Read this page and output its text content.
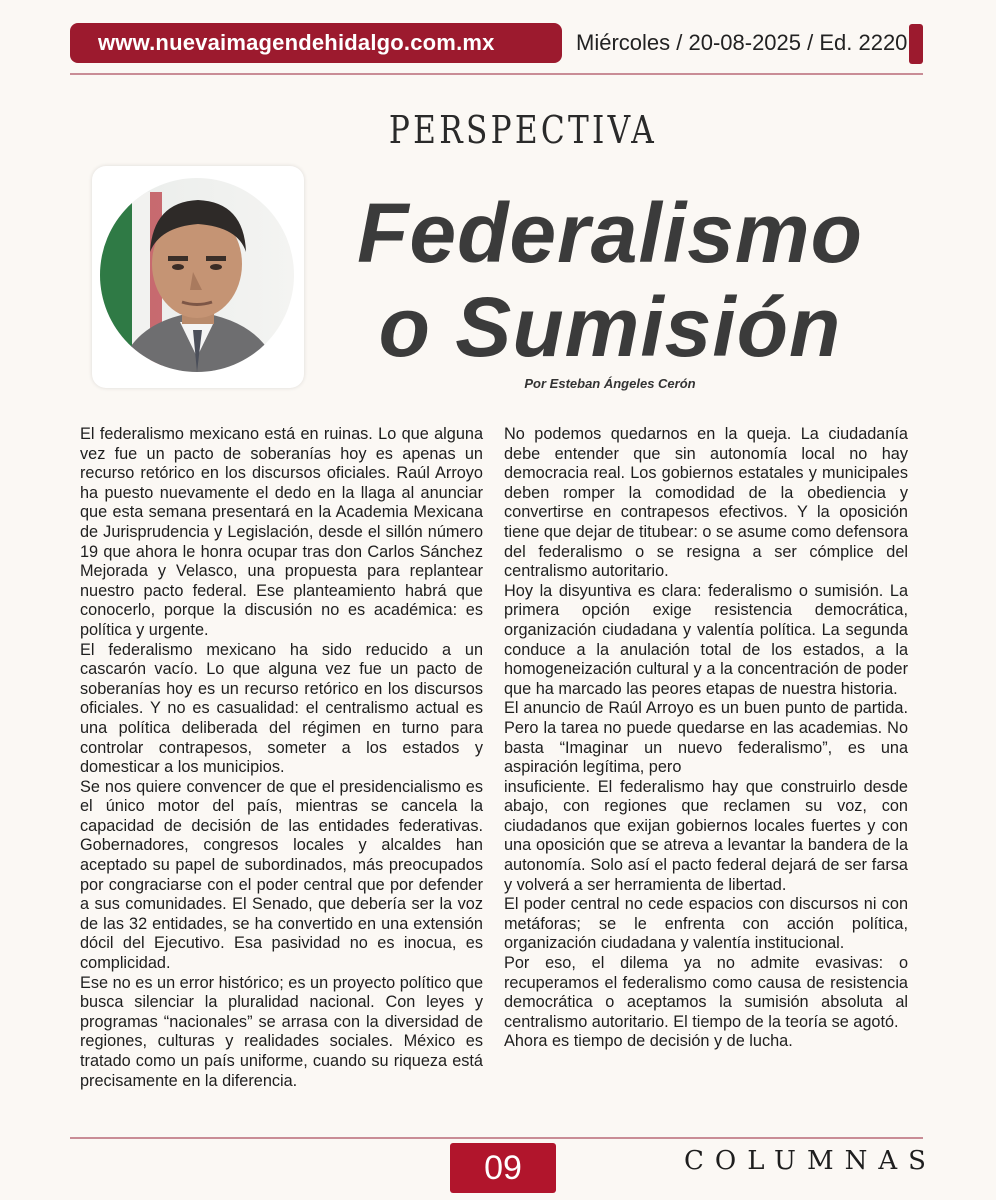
www.nuevaimagendehidalgo.com.mx	Miércoles / 20-08-2025 / Ed. 2220
PERSPECTIVA
Federalismo
o Sumisión
Por Esteban Ángeles Cerón

El federalismo mexicano está en ruinas. Lo que alguna vez fue un pacto de soberanías hoy es apenas un recurso retórico en los discursos oficiales. Raúl Arroyo ha puesto nuevamente el dedo en la llaga al anunciar que esta semana presentará en la Academia Mexicana de Jurisprudencia y Legislación, desde el sillón número 19 que ahora le honra ocupar tras don Carlos Sánchez Mejorada y Velasco, una propuesta para replantear nuestro pacto federal. Ese planteamiento habrá que conocerlo, porque la discusión no es académica: es política y urgente.

El federalismo mexicano ha sido reducido a un cascarón vacío. Lo que alguna vez fue un pacto de soberanías hoy es un recurso retórico en los discursos oficiales. Y no es casualidad: el centralismo actual es una política deliberada del régimen en turno para controlar contrapesos, someter a los estados y domesticar a los municipios.

Se nos quiere convencer de que el presidencialismo es el único motor del país, mientras se cancela la capacidad de decisión de las entidades federativas. Gobernadores, congresos locales y alcaldes han aceptado su papel de subordinados, más preocupados por congraciarse con el poder central que por defender a sus comunidades. El Senado, que debería ser la voz de las 32 entidades, se ha convertido en una extensión dócil del Ejecutivo. Esa pasividad no es inocua, es complicidad.

Ese no es un error histórico; es un proyecto político que busca silenciar la pluralidad nacional. Con leyes y programas “nacionales” se arrasa con la diversidad de regiones, culturas y realidades sociales. México es tratado como un país uniforme, cuando su riqueza está precisamente en la diferencia.

No podemos quedarnos en la queja. La ciudadanía debe entender que sin autonomía local no hay democracia real. Los gobiernos estatales y municipales deben romper la comodidad de la obediencia y convertirse en contrapesos efectivos. Y la oposición tiene que dejar de titubear: o se asume como defensora del federalismo o se resigna a ser cómplice del centralismo autoritario.

Hoy la disyuntiva es clara: federalismo o sumisión. La primera opción exige resistencia democrática, organización ciudadana y valentía política. La segunda conduce a la anulación total de los estados, a la homogeneización cultural y a la concentración de poder que ha marcado las peores etapas de nuestra historia.

El anuncio de Raúl Arroyo es un buen punto de partida. Pero la tarea no puede quedarse en las academias. No basta “Imaginar un nuevo federalismo”, es una aspiración legítima, pero

insuficiente. El federalismo hay que construirlo desde abajo, con regiones que reclamen su voz, con ciudadanos que exijan gobiernos locales fuertes y con una oposición que se atreva a levantar la bandera de la autonomía. Solo así el pacto federal dejará de ser farsa y volverá a ser herramienta de libertad.

El poder central no cede espacios con discursos ni con metáforas; se le enfrenta con acción política, organización ciudadana y valentía institucional.

Por eso, el dilema ya no admite evasivas: o recuperamos el federalismo como causa de resistencia democrática o aceptamos la sumisión absoluta al centralismo autoritario. El tiempo de la teoría se agotó.

Ahora es tiempo de decisión y de lucha.

09	COLUMNAS
